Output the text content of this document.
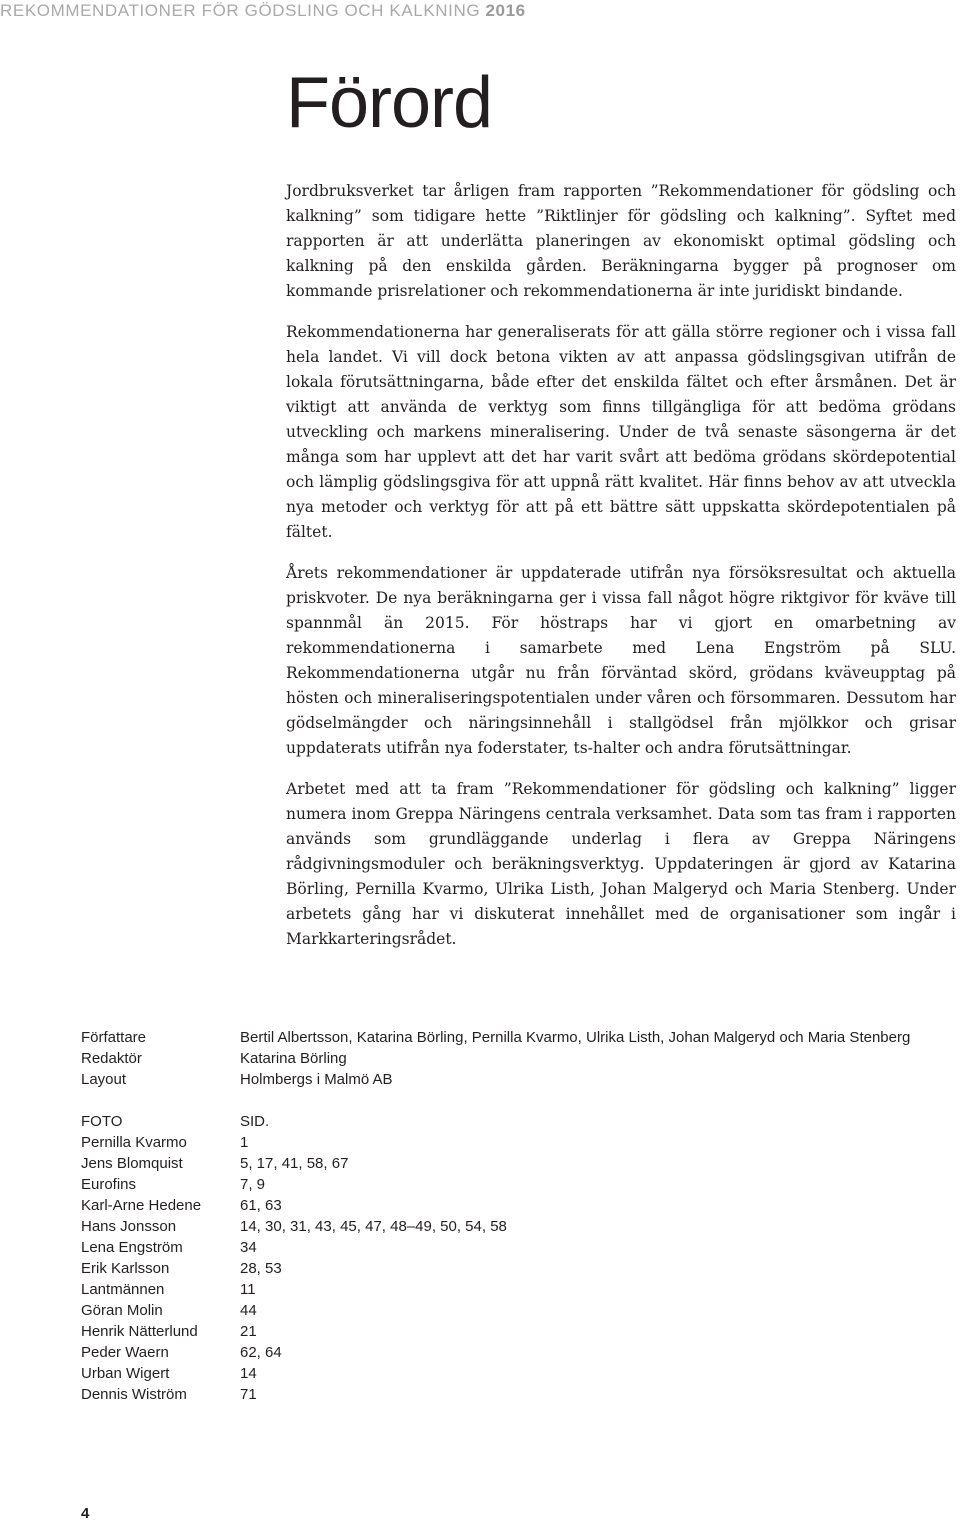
REKOMMENDATIONER FÖR GÖDSLING OCH KALKNING 2016
Förord

Jordbruksverket tar årligen fram rapporten ”Rekommendationer för gödsling och kalkning” som tidigare hette ”Riktlinjer för gödsling och kalkning”. Syftet med rapporten är att underlätta planeringen av ekonomiskt optimal gödsling och kalkning på den enskilda gården. Beräkningarna bygger på prognoser om kommande prisrelationer och rekommendationerna är inte juridiskt bindande.

Rekommendationerna har generaliserats för att gälla större regioner och i vissa fall hela landet. Vi vill dock betona vikten av att anpassa gödslingsgivan utifrån de lokala förutsättningarna, både efter det enskilda fältet och efter årsmånen. Det är viktigt att använda de verktyg som finns tillgängliga för att bedöma grödans utveckling och markens mineralisering. Under de två senaste säsongerna är det många som har upplevt att det har varit svårt att bedöma grödans skördepotential och lämplig gödslingsgiva för att uppnå rätt kvalitet. Här finns behov av att utveckla nya metoder och verktyg för att på ett bättre sätt uppskatta skördepotentialen på fältet.

Årets rekommendationer är uppdaterade utifrån nya försöksresultat och aktuella priskvoter. De nya beräkningarna ger i vissa fall något högre riktgivor för kväve till spannmål än 2015. För höstraps har vi gjort en omarbetning av rekommendationerna i samarbete med Lena Engström på SLU. Rekommendationerna utgår nu från förväntad skörd, grödans kväveupptag på hösten och mineraliseringspotentialen under våren och försommaren. Dessutom har gödselmängder och näringsinnehåll i stallgödsel från mjölkkor och grisar uppdaterats utifrån nya foderstater, ts-halter och andra förutsättningar.

Arbetet med att ta fram ”Rekommendationer för gödsling och kalkning” ligger numera inom Greppa Näringens centrala verksamhet. Data som tas fram i rapporten används som grundläggande underlag i flera av Greppa Näringens rådgivningsmoduler och beräkningsverktyg. Uppdateringen är gjord av Katarina Börling, Pernilla Kvarmo, Ulrika Listh, Johan Malgeryd och Maria Stenberg. Under arbetets gång har vi diskuterat innehållet med de organisationer som ingår i Markkarteringsrådet.

Författare	Bertil Albertsson, Katarina Börling, Pernilla Kvarmo, Ulrika Listh, Johan Malgeryd och Maria Stenberg
Redaktör	Katarina Börling
Layout	Holmbergs i Malmö AB
FOTO	SID.
Pernilla Kvarmo	1
Jens Blomquist	5, 17, 41, 58, 67
Eurofins	7, 9
Karl-Arne Hedene	61, 63
Hans Jonsson	14, 30, 31, 43, 45, 47, 48–49, 50, 54, 58
Lena Engström	34
Erik Karlsson	28, 53
Lantmännen	11
Göran Molin	44
Henrik Nätterlund	21
Peder Waern	62, 64
Urban Wigert	14
Dennis Wiström	71
4
